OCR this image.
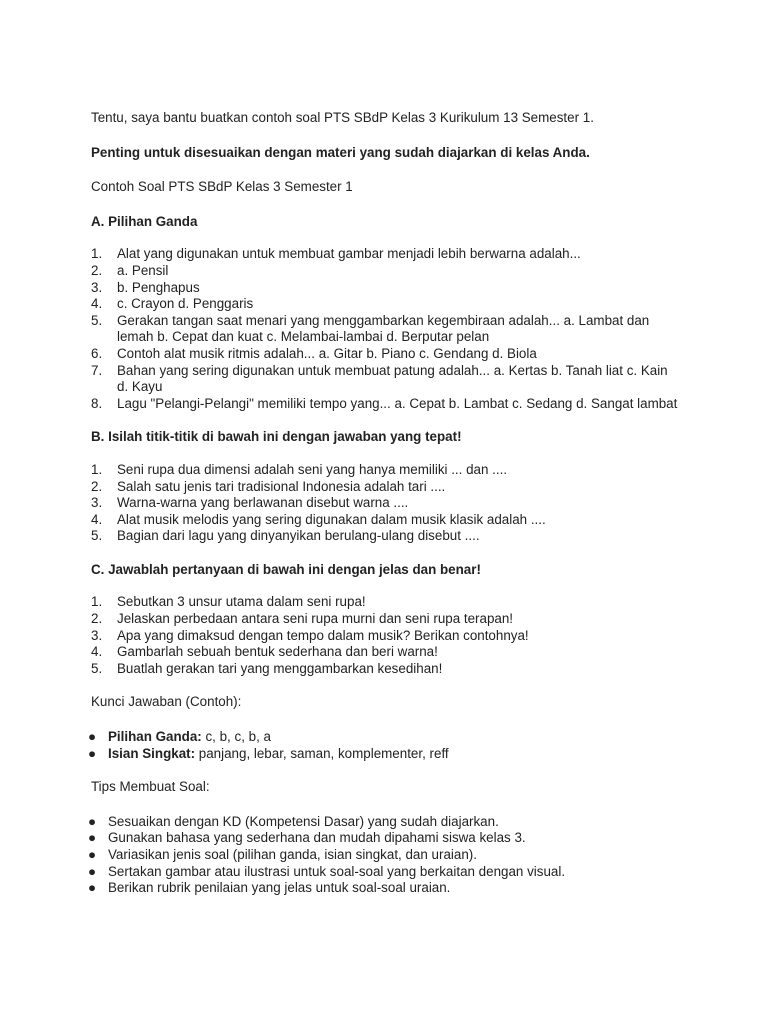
Tentu, saya bantu buatkan contoh soal PTS SBdP Kelas 3 Kurikulum 13 Semester 1.

Penting untuk disesuaikan dengan materi yang sudah diajarkan di kelas Anda.

Contoh Soal PTS SBdP Kelas 3 Semester 1

A. Pilihan Ganda

1.	Alat yang digunakan untuk membuat gambar menjadi lebih berwarna adalah...
2.	a. Pensil
3.	b. Penghapus
4.	c. Crayon d. Penggaris
5.	Gerakan tangan saat menari yang menggambarkan kegembiraan adalah... a. Lambat dan lemah b. Cepat dan kuat c. Melambai-lambai d. Berputar pelan
6.	Contoh alat musik ritmis adalah... a. Gitar b. Piano c. Gendang d. Biola
7.	Bahan yang sering digunakan untuk membuat patung adalah... a. Kertas b. Tanah liat c. Kain d. Kayu
8.	Lagu "Pelangi-Pelangi" memiliki tempo yang... a. Cepat b. Lambat c. Sedang d. Sangat lambat

B. Isilah titik-titik di bawah ini dengan jawaban yang tepat!

1.	Seni rupa dua dimensi adalah seni yang hanya memiliki ... dan ....
2.	Salah satu jenis tari tradisional Indonesia adalah tari ....
3.	Warna-warna yang berlawanan disebut warna ....
4.	Alat musik melodis yang sering digunakan dalam musik klasik adalah ....
5.	Bagian dari lagu yang dinyanyikan berulang-ulang disebut ....

C. Jawablah pertanyaan di bawah ini dengan jelas dan benar!

1.	Sebutkan 3 unsur utama dalam seni rupa!
2.	Jelaskan perbedaan antara seni rupa murni dan seni rupa terapan!
3.	Apa yang dimaksud dengan tempo dalam musik? Berikan contohnya!
4.	Gambarlah sebuah bentuk sederhana dan beri warna!
5.	Buatlah gerakan tari yang menggambarkan kesedihan!

Kunci Jawaban (Contoh):

● Pilihan Ganda: c, b, c, b, a
● Isian Singkat: panjang, lebar, saman, komplementer, reff

Tips Membuat Soal:

● Sesuaikan dengan KD (Kompetensi Dasar) yang sudah diajarkan.
● Gunakan bahasa yang sederhana dan mudah dipahami siswa kelas 3.
● Variasikan jenis soal (pilihan ganda, isian singkat, dan uraian).
● Sertakan gambar atau ilustrasi untuk soal-soal yang berkaitan dengan visual.
● Berikan rubrik penilaian yang jelas untuk soal-soal uraian.
